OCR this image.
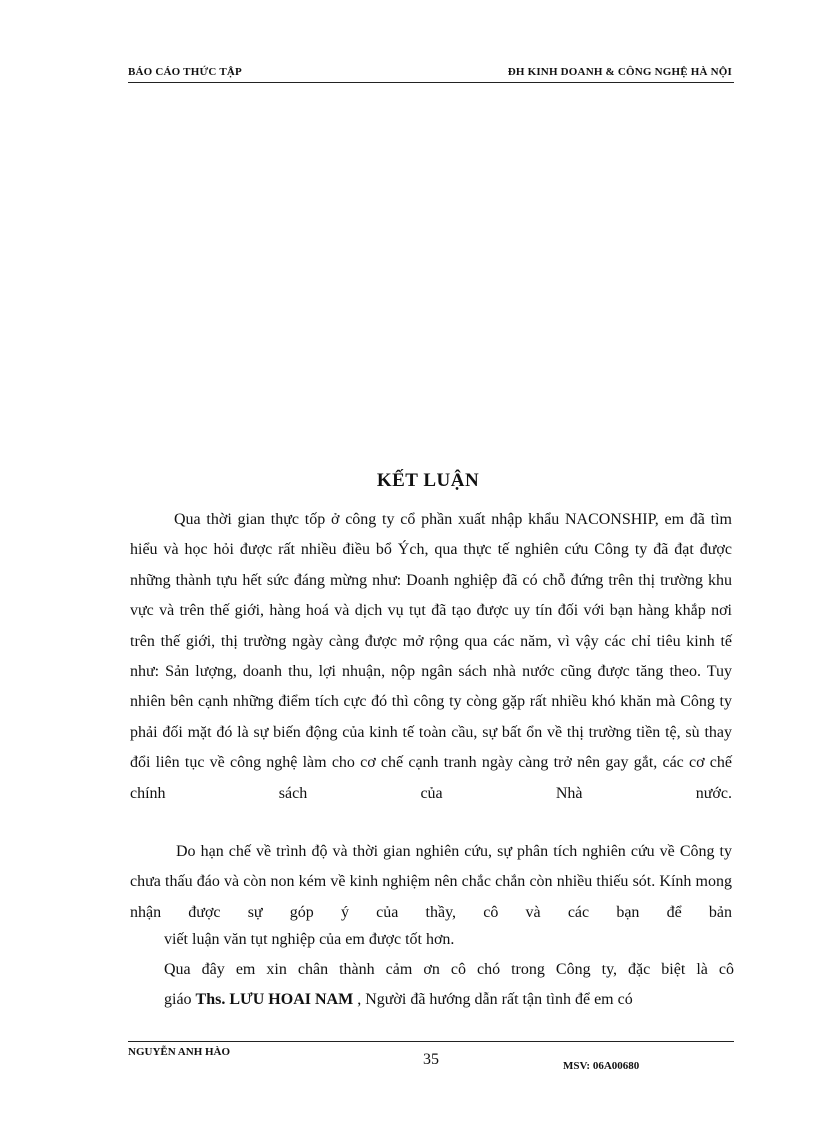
BÁO CÁO THỨC TẬP	ĐH KINH DOANH & CÔNG NGHỆ HÀ NỘI
KẾT LUẬN

Qua thời gian thực tốp ở công ty cổ phần xuất nhập khẩu NACONSHIP, em đã tìm hiểu và học hỏi được rất nhiều điều bổ Ých, qua thực tế nghiên cứu Công ty đã đạt được những thành tựu hết sức đáng mừng như: Doanh nghiệp đã có chỗ đứng trên thị trường khu vực và trên thế giới, hàng hoá và dịch vụ tụt đã tạo được uy tín đối với bạn hàng khắp nơi trên thế giới, thị trường ngày càng được mở rộng qua các năm, vì vậy các chỉ tiêu kinh tế như: Sản lượng, doanh thu, lợi nhuận, nộp ngân sách nhà nước cũng được tăng theo. Tuy nhiên bên cạnh những điểm tích cực đó thì công ty còng gặp rất nhiều khó khăn mà Công ty phải đối mặt đó là sự biến động của kinh tế toàn cầu, sự bất ổn về thị trường tiền tệ, sù thay đổi liên tục về công nghệ làm cho cơ chế cạnh tranh ngày càng trở nên gay gắt, các cơ chế chính sách của Nhà nước.

Do hạn chế về trình độ và thời gian nghiên cứu, sự phân tích nghiên cứu về Công ty chưa thấu đáo và còn non kém về kinh nghiệm nên chắc chắn còn nhiều thiếu sót. Kính mong nhận được sự góp ý của thầy, cô và các bạn để bản

viết luận văn tụt nghiệp của em được tốt hơn.

Qua đây em xin chân thành cảm ơn cô chó trong Công ty, đặc biệt là cô

giáo Ths. LƯU HOAI NAM , Người đã hướng dẫn rất tận tình để em có

NGUYỄN ANH HÀO	35	MSV: 06A00680
